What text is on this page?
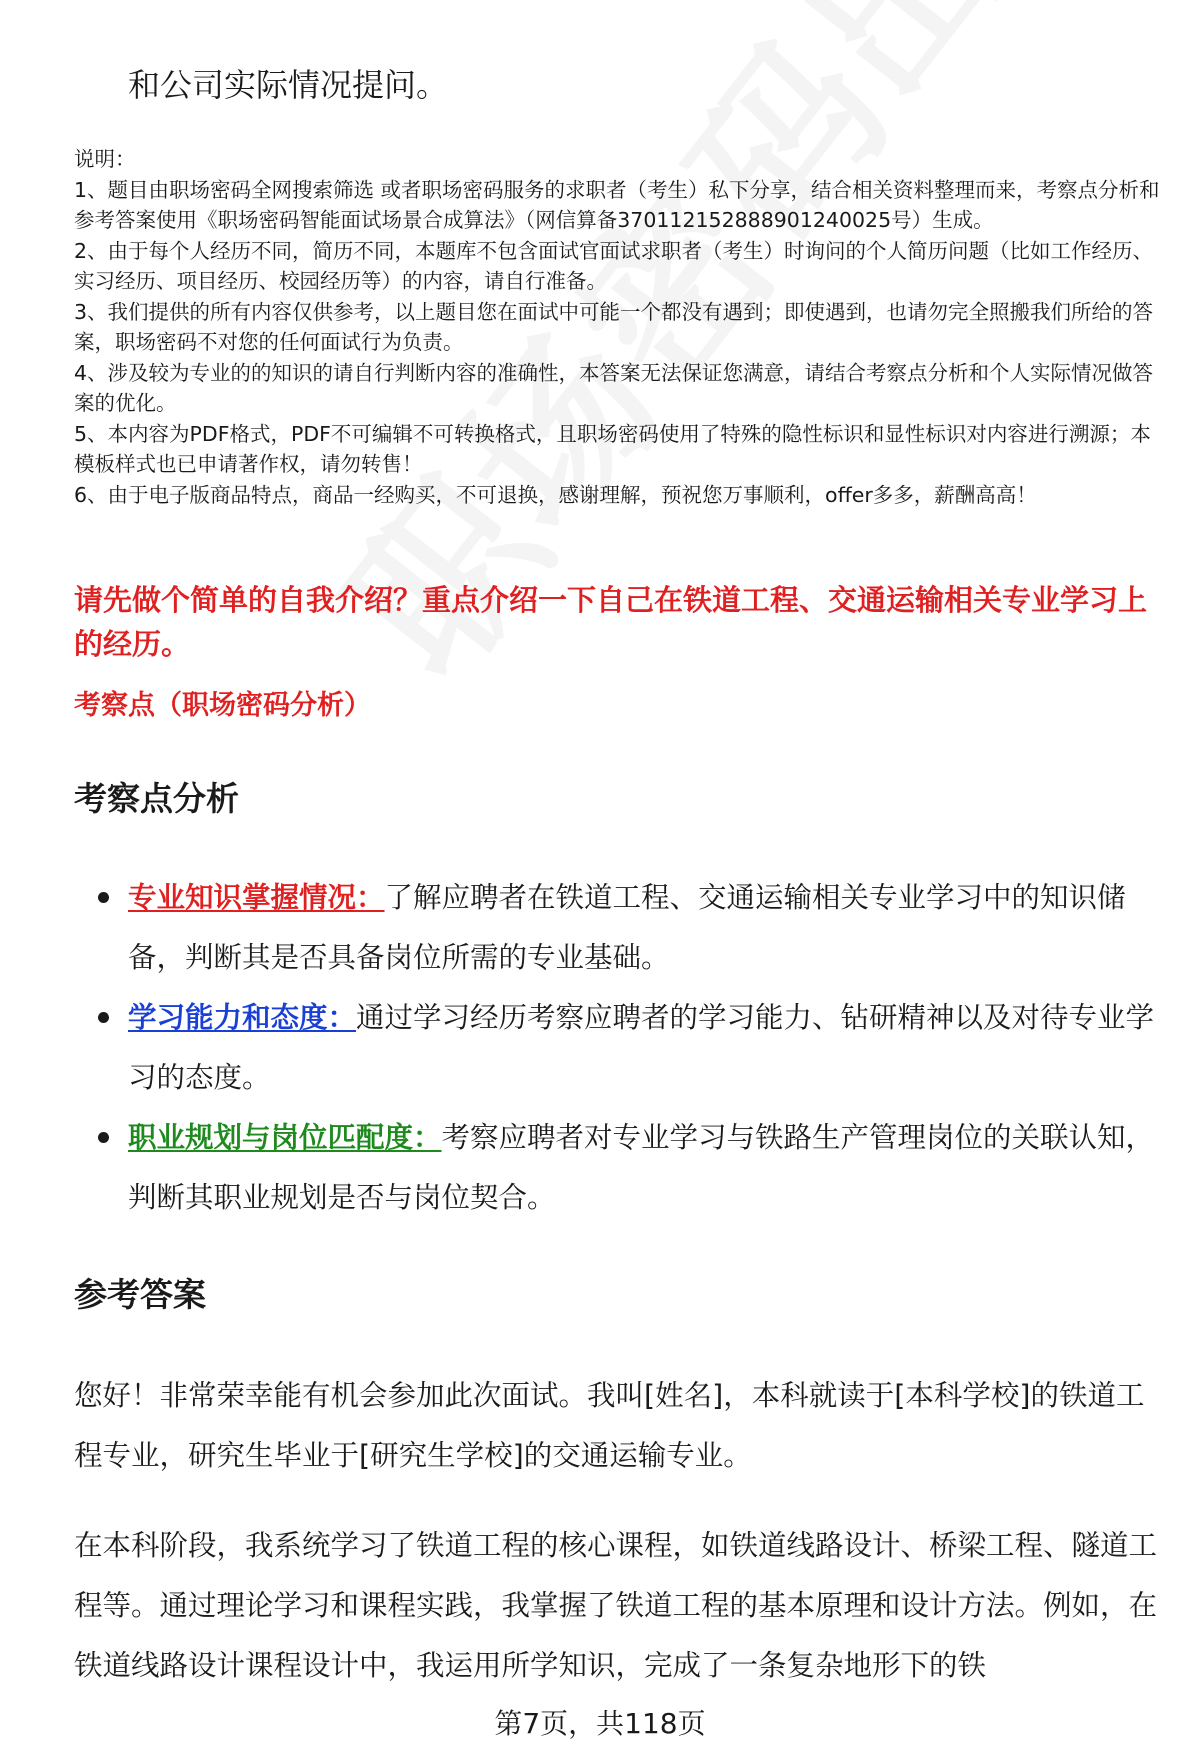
和公司实际情况提问。
说明：
1、题目由职场密码全网搜索筛选 或者职场密码服务的求职者（考生）私下分享，结合相关资料整理而来，考察点分析和参考答案使用《职场密码智能面试场景合成算法》（网信算备370112152888901240025号）生成。
2、由于每个人经历不同，简历不同，本题库不包含面试官面试求职者（考生）时询问的个人简历问题（比如工作经历、实习经历、项目经历、校园经历等）的内容，请自行准备。
3、我们提供的所有内容仅供参考，以上题目您在面试中可能一个都没有遇到；即使遇到，也请勿完全照搬我们所给的答案，职场密码不对您的任何面试行为负责。
4、涉及较为专业的的知识的请自行判断内容的准确性，本答案无法保证您满意，请结合考察点分析和个人实际情况做答案的优化。
5、本内容为PDF格式，PDF不可编辑不可转换格式，且职场密码使用了特殊的隐性标识和显性标识对内容进行溯源；本模板样式也已申请著作权，请勿转售！
6、由于电子版商品特点，商品一经购买，不可退换，感谢理解，预祝您万事顺利，offer多多，薪酬高高！
请先做个简单的自我介绍？重点介绍一下自己在铁道工程、交通运输相关专业学习上的经历。
考察点（职场密码分析）
考察点分析
专业知识掌握情况：了解应聘者在铁道工程、交通运输相关专业学习中的知识储备，判断其是否具备岗位所需的专业基础。
学习能力和态度：通过学习经历考察应聘者的学习能力、钻研精神以及对待专业学习的态度。
职业规划与岗位匹配度：考察应聘者对专业学习与铁路生产管理岗位的关联认知，判断其职业规划是否与岗位契合。
参考答案

您好！非常荣幸能有机会参加此次面试。我叫[姓名]，本科就读于[本科学校]的铁道工程专业，研究生毕业于[研究生学校]的交通运输专业。

在本科阶段，我系统学习了铁道工程的核心课程，如铁道线路设计、桥梁工程、隧道工程等。通过理论学习和课程实践，我掌握了铁道工程的基本原理和设计方法。例如，在铁道线路设计课程设计中，我运用所学知识，完成了一条复杂地形下的铁

第7页，共118页
